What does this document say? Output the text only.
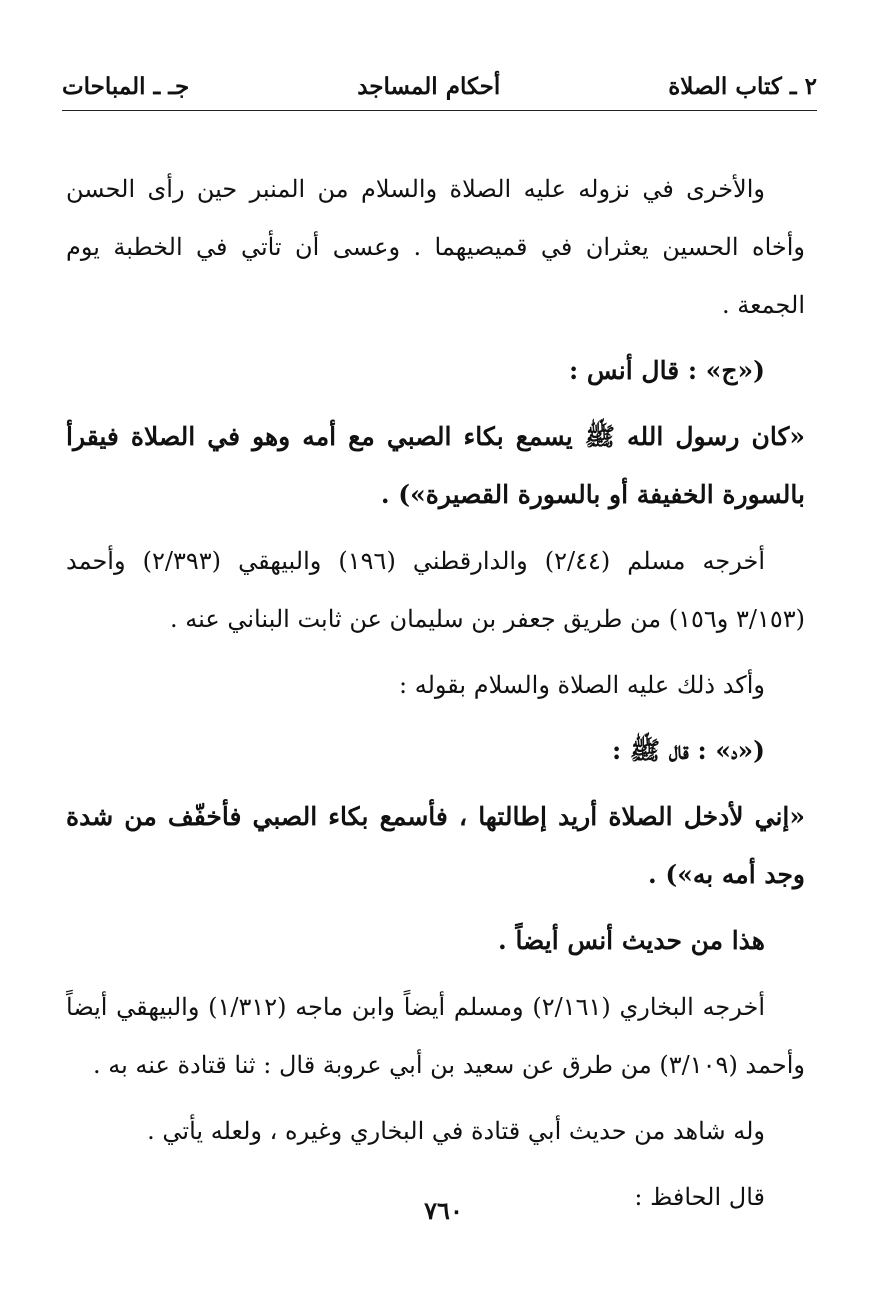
٢ ـ كتاب الصلاة
أحكام المساجد
جـ ـ المباحات

والأخرى في نزوله عليه الصلاة والسلام من المنبر حين رأى الحسن وأخاه الحسين يعثران في قميصيهما . وعسى أن تأتي في الخطبة يوم الجمعة .

(«ج» : قال أنس :

«كان رسول الله ﷺ يسمع بكاء الصبي مع أمه وهو في الصلاة فيقرأ بالسورة الخفيفة أو بالسورة القصيرة») .

أخرجه مسلم (٢/٤٤) والدارقطني (١٩٦) والبيهقي (٢/٣٩٣) وأحمد (٣/١٥٣ و١٥٦) من طريق جعفر بن سليمان عن ثابت البناني عنه .

وأكد ذلك عليه الصلاة والسلام بقوله :

(«د» : قال ﷺ :

«إني لأدخل الصلاة أريد إطالتها ، فأسمع بكاء الصبي فأخفّف من شدة وجد أمه به») .

هذا من حديث أنس أيضاً .

أخرجه البخاري (٢/١٦١) ومسلم أيضاً وابن ماجه (١/٣١٢) والبيهقي أيضاً وأحمد (٣/١٠٩) من طرق عن سعيد بن أبي عروبة قال : ثنا قتادة عنه به .

وله شاهد من حديث أبي قتادة في البخاري وغيره ، ولعله يأتي .

قال الحافظ :

٧٦٠
